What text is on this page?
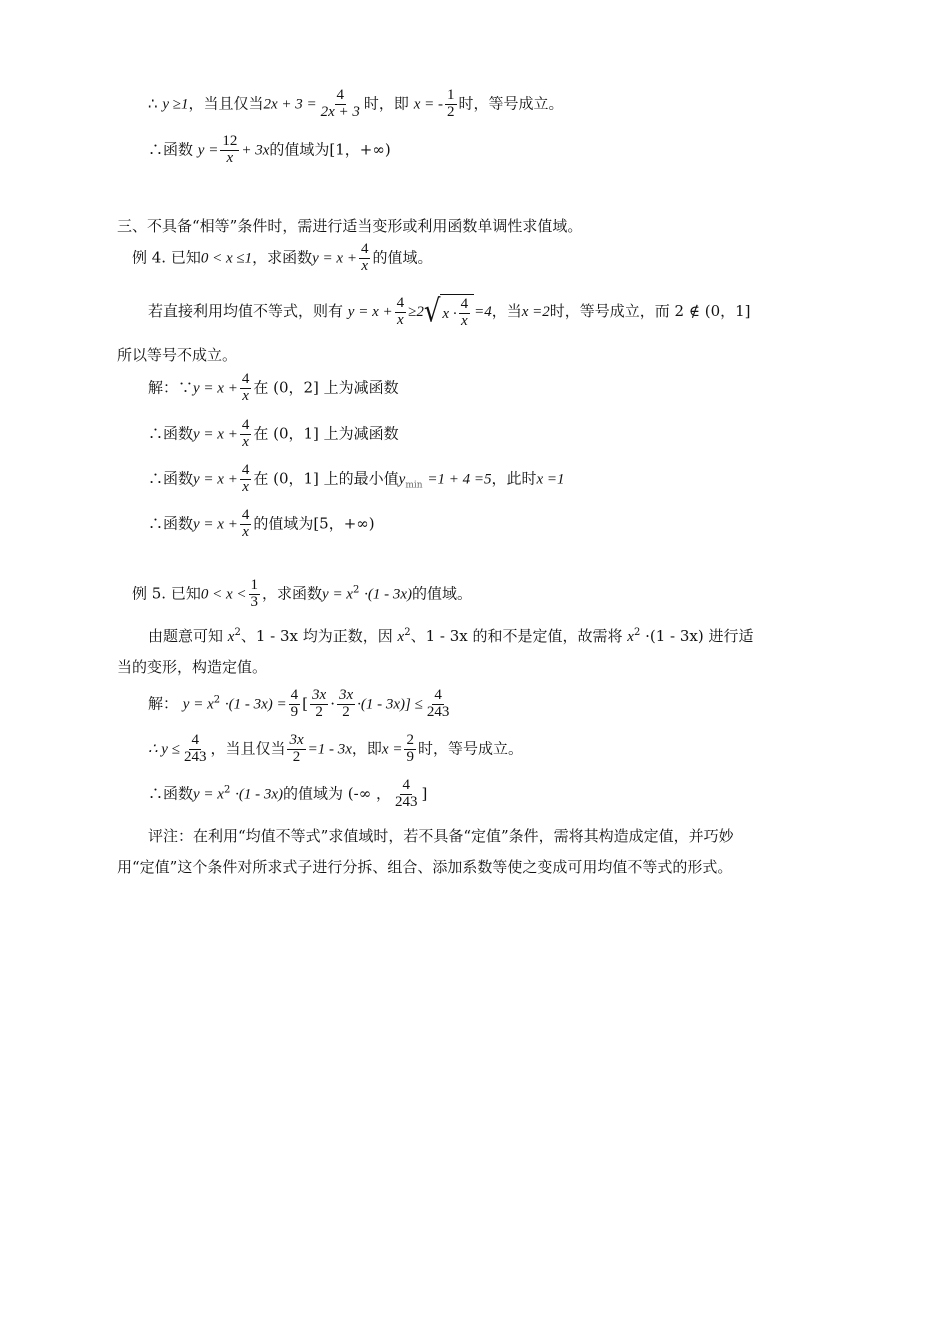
∴ y ≥1，当且仅当$2x + 3 = \frac{4}{2x + 3}$ 时，即 x = - $\frac{1}{2}$ 时，等号成立。
∴函数 $y = \frac{12}{x} + 3x$的值域为[1，+∞)
三、不具备“相等”条件时，需进行适当变形或利用函数单调性求值域。
例 4. 已知0 < x ≤1，求函数$y = x + \frac{4}{x}$ 的值域。
若直接利用均值不等式，则有 $y = x + \frac{4}{x} \ge 2$ √ $x \cdot \frac{4}{x} =4$，当x =2时，等号成立，而 2 ∉ (0，1]
所以等号不成立。
解：∵y = $x + \frac{4}{x}$ 在 (0，2] 上为减函数
∴函数$y = x + \frac{4}{x}$ 在 (0，1] 上为减函数
∴函数$y = x + \frac{4}{x}$ 在 (0，1] 上的最小值$y_{min} =1 + 4 =5$，此时x =1
∴函数$y = x + \frac{4}{x}$ 的值域为[5，+∞)
例 5. 已知$0 < x < \frac{1}{3}$ ，求函数$y = x^2 \cdot(1 - 3x)$的值域。
由题意可知 $x^2$、1 - 3x 均为正数，因 $x^2$、1 - 3x 的和不是定值，故需将 $x^2 \cdot(1 - 3x)$ 进行适
当的变形，构造定值。
解： $y = x^2 \cdot(1 - 3x) = \frac{4}{9}$ [ $\frac{3x}{2} \cdot \frac{3x}{2} \cdot(1 - 3x)] \le \frac{4}{243}$
∴ $y \le \frac{4}{243}$ ，当且仅当 $\frac{3x}{2} =1 - 3x$，即$x = \frac{2}{9}$ 时，等号成立。
∴函数$y = x^2 \cdot(1 - 3x)$的值域为 (-∞ ， $\frac{4}{243}$ ]
评注：在利用“均值不等式”求值域时，若不具备“定值”条件，需将其构造成定值，并巧妙
用“定值”这个条件对所求式子进行分拆、组合、添加系数等使之变成可用均值不等式的形式。
